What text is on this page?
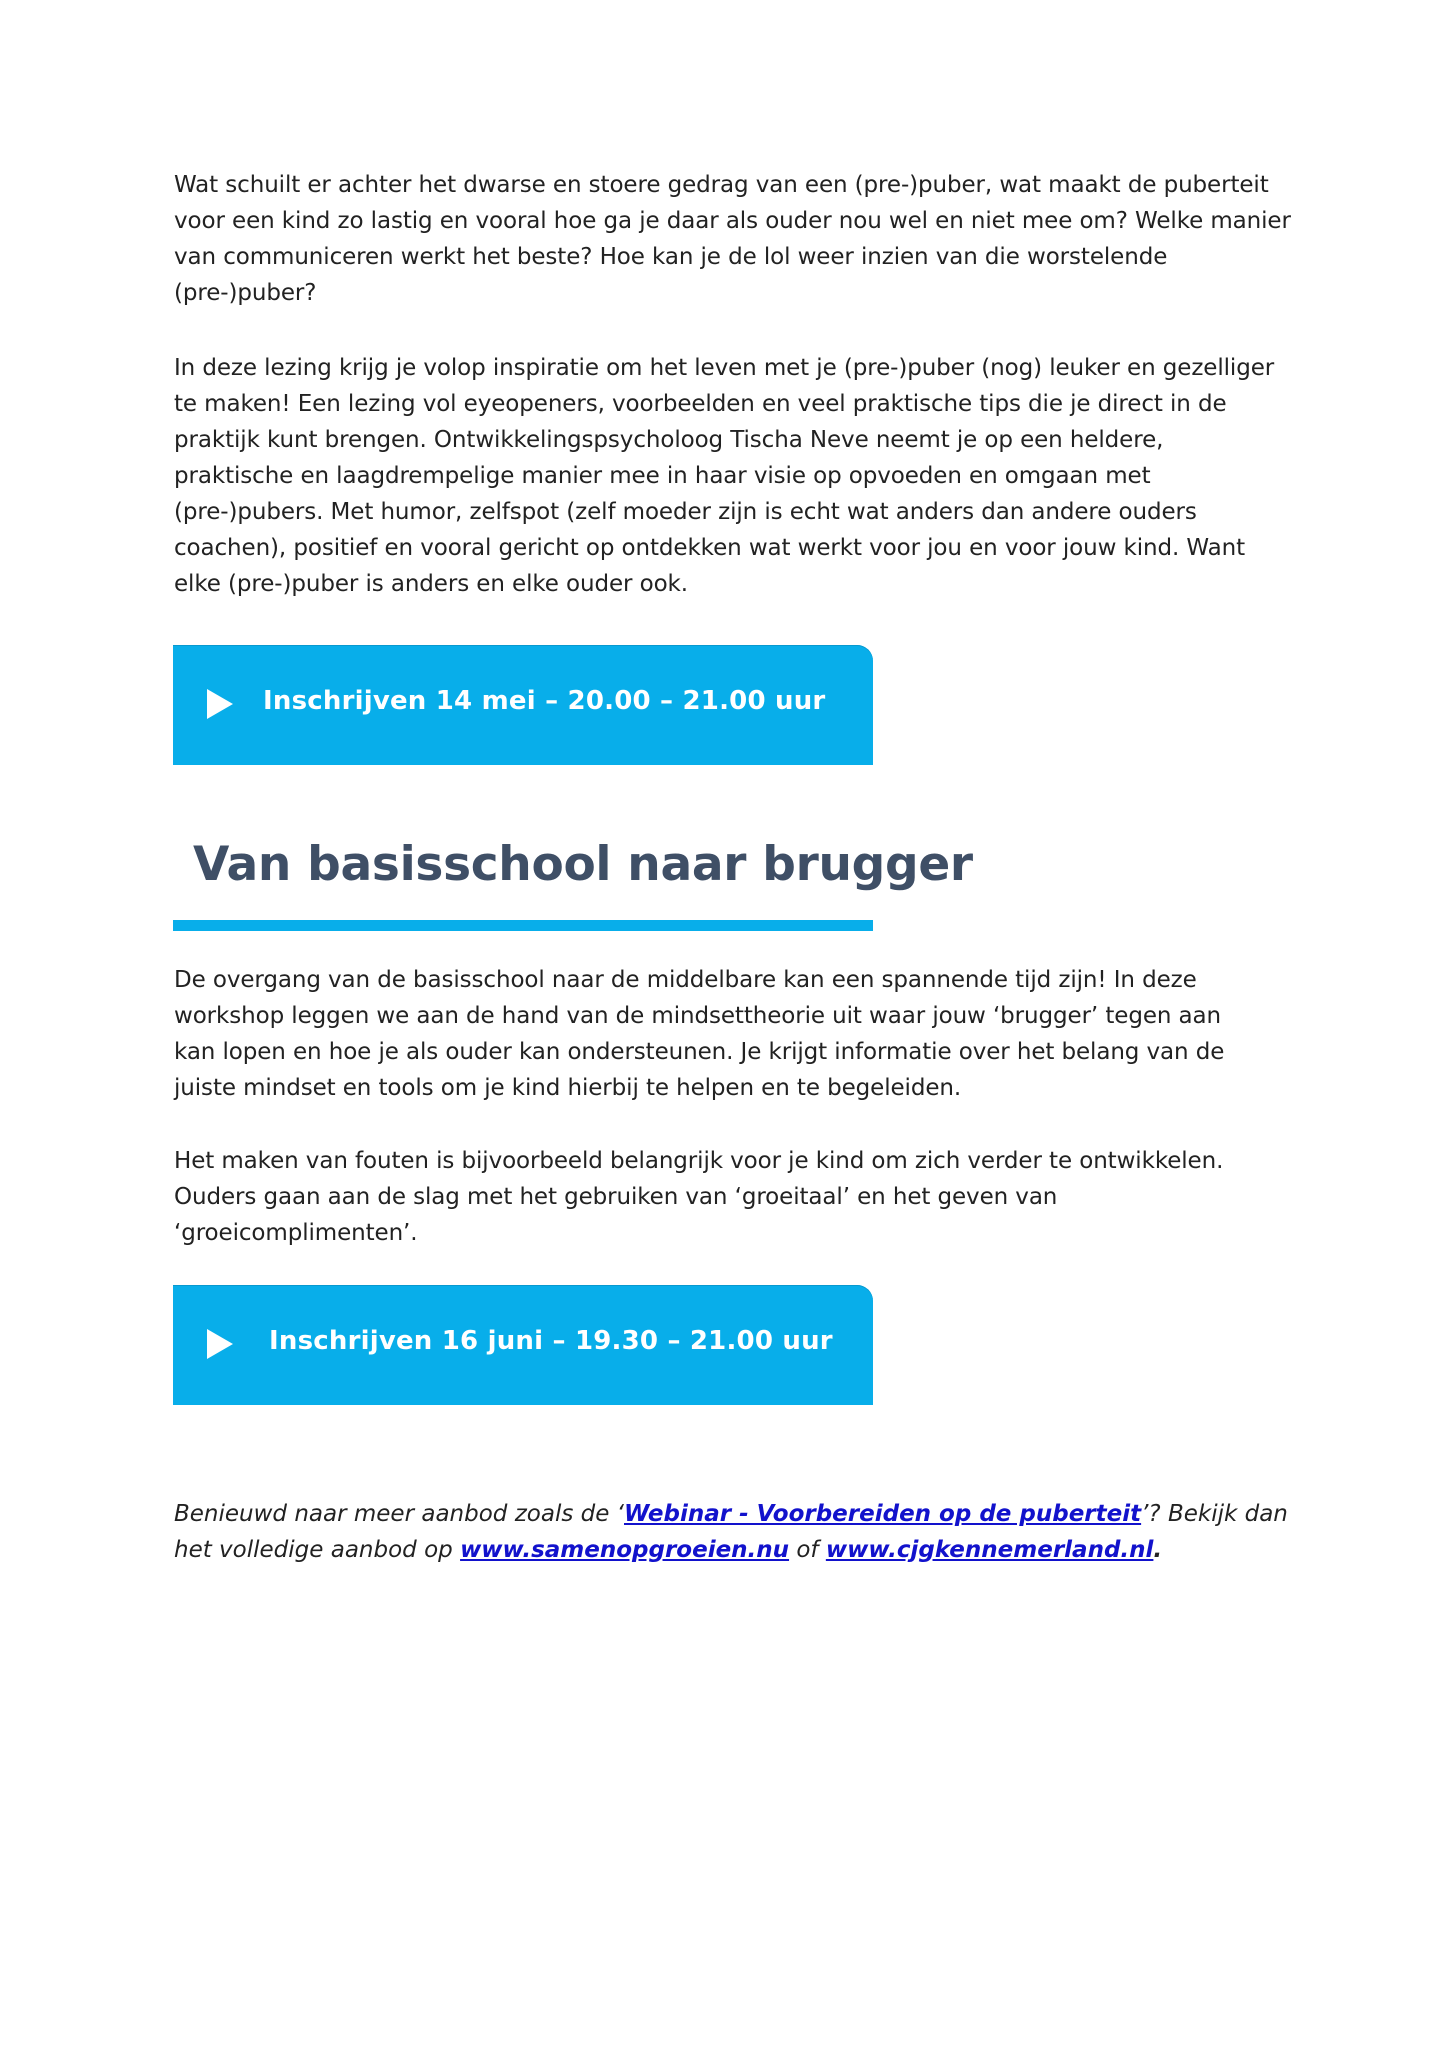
Wat schuilt er achter het dwarse en stoere gedrag van een (pre-)puber, wat maakt de puberteit
voor een kind zo lastig en vooral hoe ga je daar als ouder nou wel en niet mee om? Welke manier
van communiceren werkt het beste? Hoe kan je de lol weer inzien van die worstelende
(pre-)puber?

In deze lezing krijg je volop inspiratie om het leven met je (pre-)puber (nog) leuker en gezelliger
te maken! Een lezing vol eyeopeners, voorbeelden en veel praktische tips die je direct in de
praktijk kunt brengen. Ontwikkelingspsycholoog Tischa Neve neemt je op een heldere,
praktische en laagdrempelige manier mee in haar visie op opvoeden en omgaan met
(pre-)pubers. Met humor, zelfspot (zelf moeder zijn is echt wat anders dan andere ouders
coachen), positief en vooral gericht op ontdekken wat werkt voor jou en voor jouw kind. Want
elke (pre-)puber is anders en elke ouder ook.

Inschrijven 14 mei – 20.00 – 21.00 uur
Van basisschool naar brugger

De overgang van de basisschool naar de middelbare kan een spannende tijd zijn! In deze
workshop leggen we aan de hand van de mindsettheorie uit waar jouw ‘brugger’ tegen aan
kan lopen en hoe je als ouder kan ondersteunen. Je krijgt informatie over het belang van de
juiste mindset en tools om je kind hierbij te helpen en te begeleiden.

Het maken van fouten is bijvoorbeeld belangrijk voor je kind om zich verder te ontwikkelen.
Ouders gaan aan de slag met het gebruiken van ‘groeitaal’ en het geven van
‘groeicomplimenten’.

Inschrijven 16 juni – 19.30 – 21.00 uur

Benieuwd naar meer aanbod zoals de ‘Webinar - Voorbereiden op de puberteit’? Bekijk dan
het volledige aanbod op www.samenopgroeien.nu of www.cjgkennemerland.nl.
